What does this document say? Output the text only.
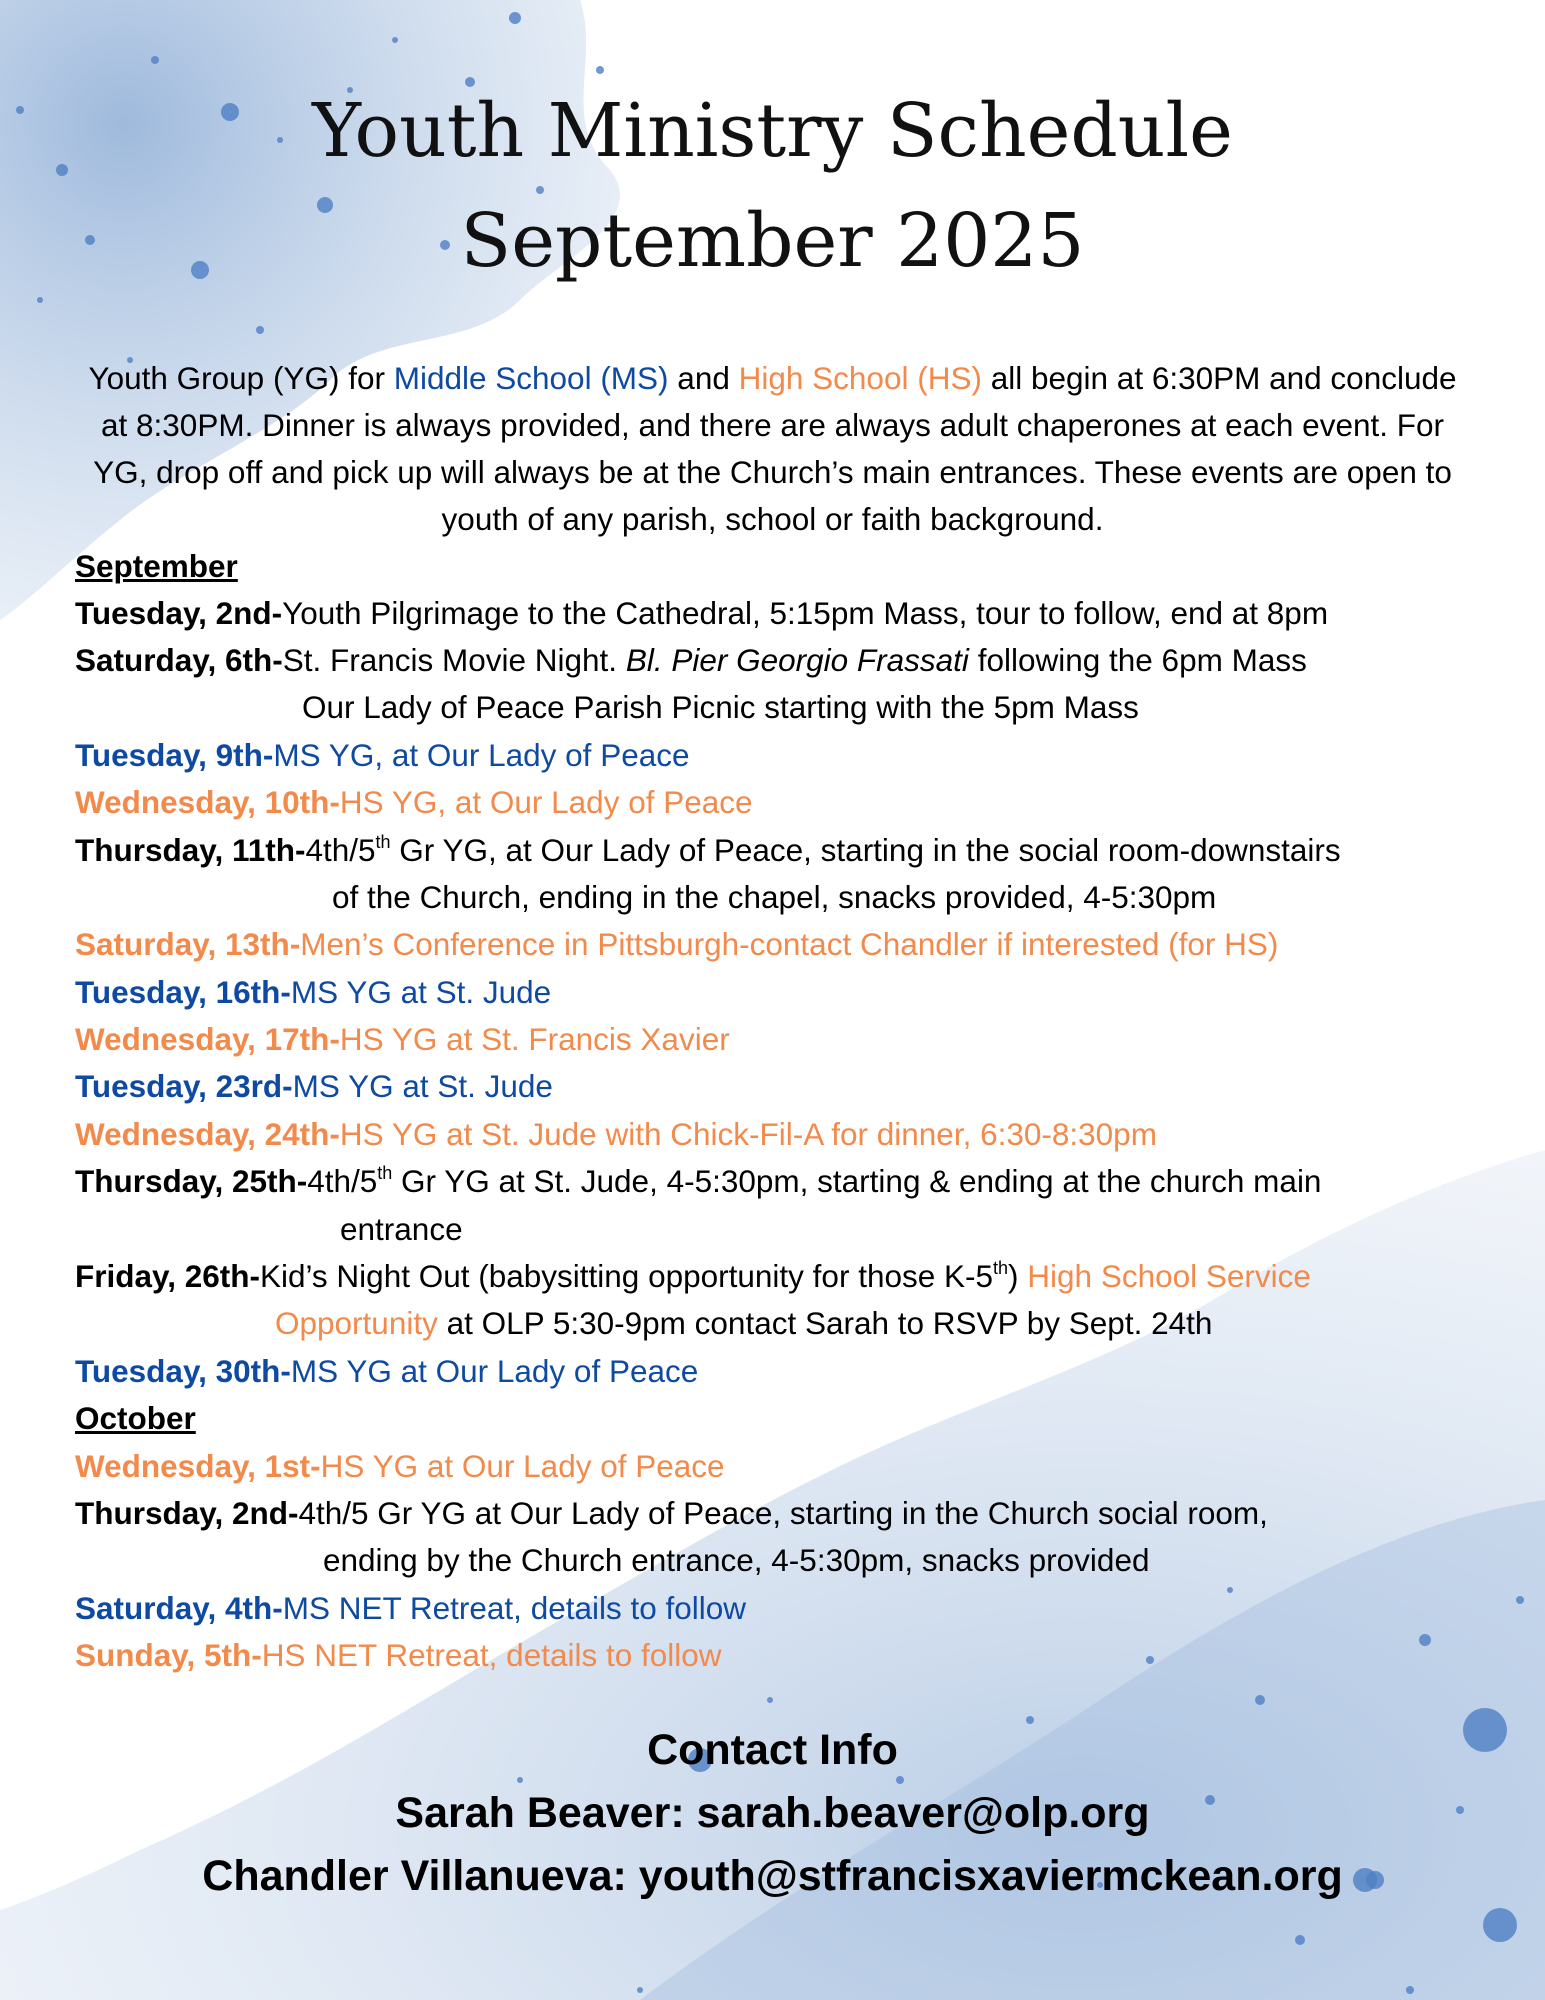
Youth Ministry Schedule
September 2025
Youth Group (YG) for Middle School (MS) and High School (HS) all begin at 6:30PM and conclude at 8:30PM. Dinner is always provided, and there are always adult chaperones at each event. For YG, drop off and pick up will always be at the Church’s main entrances. These events are open to youth of any parish, school or faith background.
September
Tuesday, 2nd-Youth Pilgrimage to the Cathedral, 5:15pm Mass, tour to follow, end at 8pm
Saturday, 6th-St. Francis Movie Night. Bl. Pier Georgio Frassati following the 6pm Mass
Our Lady of Peace Parish Picnic starting with the 5pm Mass
Tuesday, 9th-MS YG, at Our Lady of Peace
Wednesday, 10th-HS YG, at Our Lady of Peace
Thursday, 11th-4th/5th Gr YG, at Our Lady of Peace, starting in the social room-downstairs
of the Church, ending in the chapel, snacks provided, 4-5:30pm
Saturday, 13th-Men’s Conference in Pittsburgh-contact Chandler if interested (for HS)
Tuesday, 16th-MS YG at St. Jude
Wednesday, 17th-HS YG at St. Francis Xavier
Tuesday, 23rd-MS YG at St. Jude
Wednesday, 24th-HS YG at St. Jude with Chick-Fil-A for dinner, 6:30-8:30pm
Thursday, 25th-4th/5th Gr YG at St. Jude, 4-5:30pm, starting & ending at the church main
entrance
Friday, 26th-Kid’s Night Out (babysitting opportunity for those K-5th) High School Service
Opportunity at OLP 5:30-9pm contact Sarah to RSVP by Sept. 24th
Tuesday, 30th-MS YG at Our Lady of Peace
October
Wednesday, 1st-HS YG at Our Lady of Peace
Thursday, 2nd-4th/5 Gr YG at Our Lady of Peace, starting in the Church social room,
ending by the Church entrance, 4-5:30pm, snacks provided
Saturday, 4th-MS NET Retreat, details to follow
Sunday, 5th-HS NET Retreat, details to follow
Contact Info
Sarah Beaver: sarah.beaver@olp.org
Chandler Villanueva: youth@stfrancisxaviermckean.org
